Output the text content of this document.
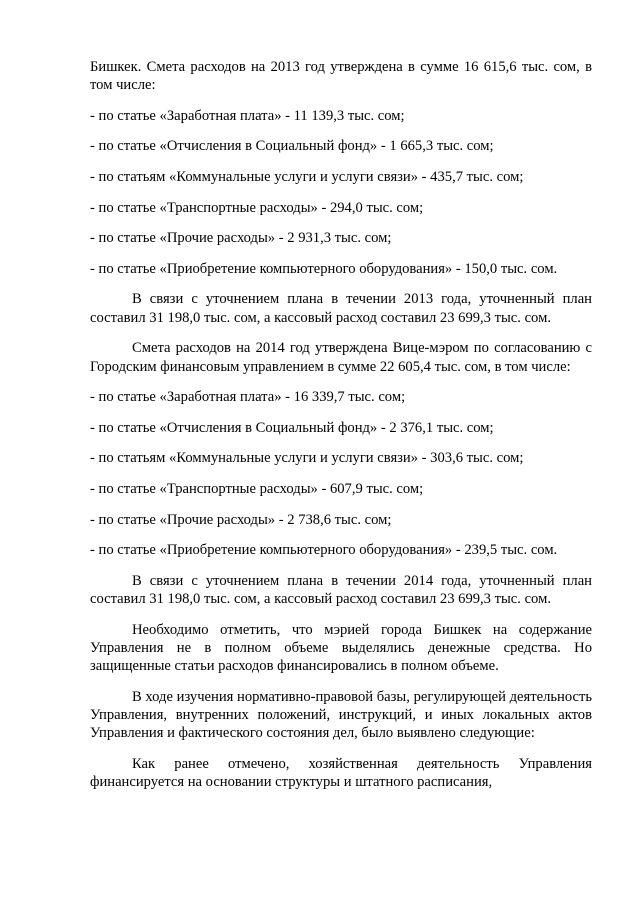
Бишкек. Смета расходов на 2013 год утверждена в сумме 16 615,6 тыс. сом, в том числе:

- по статье «Заработная плата» - 11 139,3 тыс. сом;

- по статье «Отчисления в Социальный фонд» - 1 665,3 тыс. сом;

- по статьям «Коммунальные услуги и услуги связи» - 435,7 тыс. сом;

- по статье «Транспортные расходы» - 294,0 тыс. сом;

- по статье «Прочие расходы» - 2 931,3 тыс. сом;

- по статье «Приобретение компьютерного оборудования» - 150,0 тыс. сом.

В связи с уточнением плана в течении 2013 года, уточненный план составил 31 198,0 тыс. сом, а кассовый расход составил 23 699,3 тыс. сом.

Смета расходов на 2014 год утверждена Вице-мэром по согласованию с Городским финансовым управлением в сумме 22 605,4 тыс. сом, в том числе:

- по статье «Заработная плата» - 16 339,7 тыс. сом;

- по статье «Отчисления в Социальный фонд» - 2 376,1 тыс. сом;

- по статьям «Коммунальные услуги и услуги связи» - 303,6 тыс. сом;

- по статье «Транспортные расходы» - 607,9 тыс. сом;

- по статье «Прочие расходы» - 2 738,6 тыс. сом;

- по статье «Приобретение компьютерного оборудования» - 239,5 тыс. сом.

В связи с уточнением плана в течении 2014 года, уточненный план составил 31 198,0 тыс. сом, а кассовый расход составил 23 699,3 тыс. сом.

Необходимо отметить, что мэрией города Бишкек на содержание Управления не в полном объеме выделялись денежные средства. Но защищенные статьи расходов финансировались в полном объеме.

В ходе изучения нормативно-правовой базы, регулирующей деятельность Управления, внутренних положений, инструкций, и иных локальных актов Управления и фактического состояния дел, было выявлено следующие:

Как ранее отмечено, хозяйственная деятельность Управления финансируется на основании структуры и штатного расписания,
